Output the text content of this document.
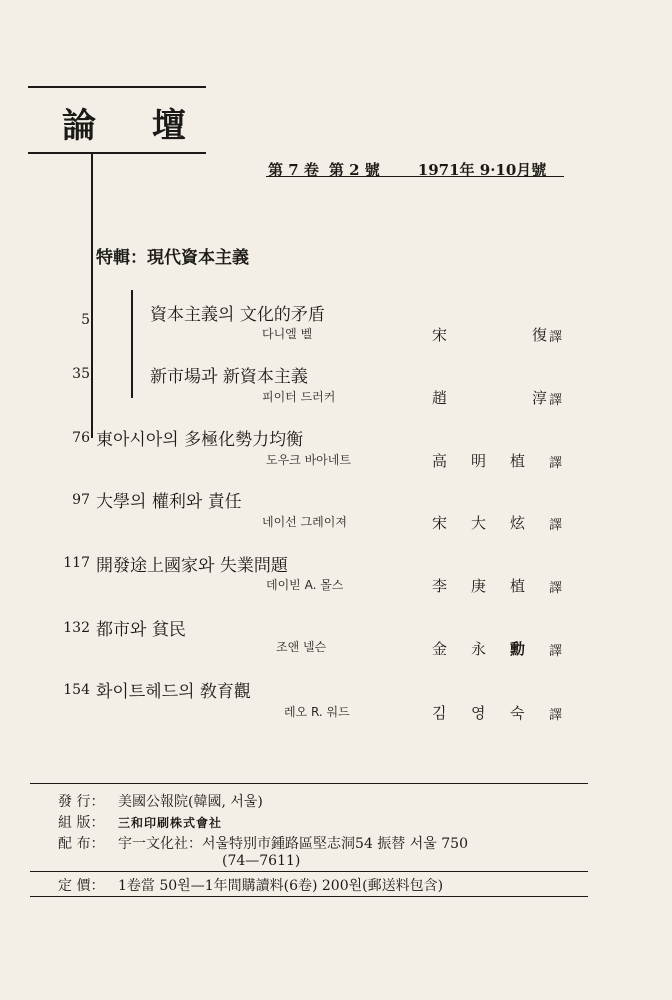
論 壇
第 7 卷 第 2 號	1971年 9·10月號
特輯：現代資本主義
5	資本主義의 文化的矛盾
다니엘 벨	宋	復 譯
35	新市場과 新資本主義
피이터 드러커	趙	淳 譯
76 東아시아의 多極化勢力均衡
도우크 바아네트	高 明 植 譯
97 大學의 權利와 責任
네이선 그레이져	宋 大 炫 譯
117 開發途上國家와 失業問題
데이빋 A. 몰스	李 庚 植 譯
132 都市와 貧民
조앤 넬슨	金 永 勳 譯
154 화이트헤드의 敎育觀
레오 R. 워드	김 영 숙 譯
發 行： 美國公報院(韓國, 서울)
組 版： 三和印刷株式會社
配 布： 宇一文化社：서울特別市鍾路區堅志洞54 振替 서울 750
(74—7611)
定 價： 1卷當 50원—1年間購讀料(6卷) 200원(郵送料包含)
